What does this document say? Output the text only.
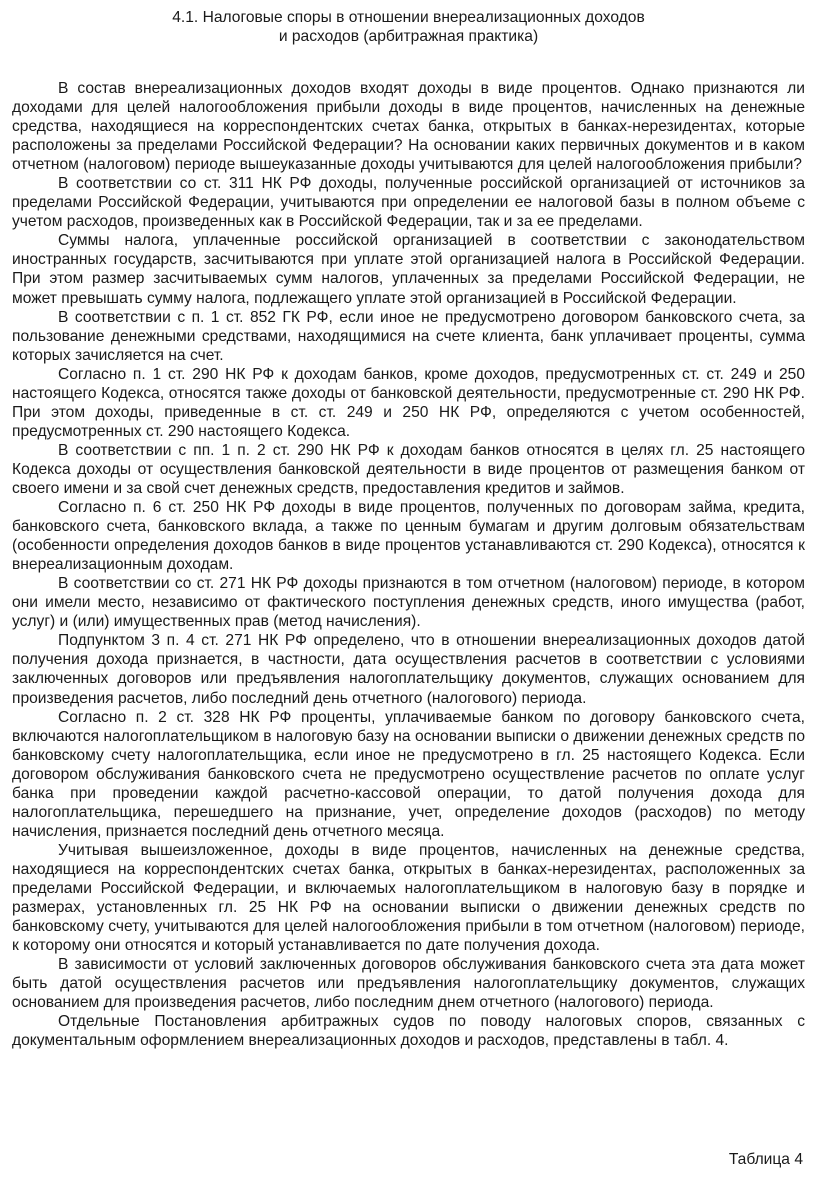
4.1. Налоговые споры в отношении внереализационных доходов
и расходов (арбитражная практика)

В состав внереализационных доходов входят доходы в виде процентов. Однако признаются ли доходами для целей налогообложения прибыли доходы в виде процентов, начисленных на денежные средства, находящиеся на корреспондентских счетах банка, открытых в банках-нерезидентах, которые расположены за пределами Российской Федерации? На основании каких первичных документов и в каком отчетном (налоговом) периоде вышеуказанные доходы учитываются для целей налогообложения прибыли?

В соответствии со ст. 311 НК РФ доходы, полученные российской организацией от источников за пределами Российской Федерации, учитываются при определении ее налоговой базы в полном объеме с учетом расходов, произведенных как в Российской Федерации, так и за ее пределами.

Суммы налога, уплаченные российской организацией в соответствии с законодательством иностранных государств, засчитываются при уплате этой организацией налога в Российской Федерации. При этом размер засчитываемых сумм налогов, уплаченных за пределами Российской Федерации, не может превышать сумму налога, подлежащего уплате этой организацией в Российской Федерации.

В соответствии с п. 1 ст. 852 ГК РФ, если иное не предусмотрено договором банковского счета, за пользование денежными средствами, находящимися на счете клиента, банк уплачивает проценты, сумма которых зачисляется на счет.

Согласно п. 1 ст. 290 НК РФ к доходам банков, кроме доходов, предусмотренных ст. ст. 249 и 250 настоящего Кодекса, относятся также доходы от банковской деятельности, предусмотренные ст. 290 НК РФ. При этом доходы, приведенные в ст. ст. 249 и 250 НК РФ, определяются с учетом особенностей, предусмотренных ст. 290 настоящего Кодекса.

В соответствии с пп. 1 п. 2 ст. 290 НК РФ к доходам банков относятся в целях гл. 25 настоящего Кодекса доходы от осуществления банковской деятельности в виде процентов от размещения банком от своего имени и за свой счет денежных средств, предоставления кредитов и займов.

Согласно п. 6 ст. 250 НК РФ доходы в виде процентов, полученных по договорам займа, кредита, банковского счета, банковского вклада, а также по ценным бумагам и другим долговым обязательствам (особенности определения доходов банков в виде процентов устанавливаются ст. 290 Кодекса), относятся к внереализационным доходам.

В соответствии со ст. 271 НК РФ доходы признаются в том отчетном (налоговом) периоде, в котором они имели место, независимо от фактического поступления денежных средств, иного имущества (работ, услуг) и (или) имущественных прав (метод начисления).

Подпунктом 3 п. 4 ст. 271 НК РФ определено, что в отношении внереализационных доходов датой получения дохода признается, в частности, дата осуществления расчетов в соответствии с условиями заключенных договоров или предъявления налогоплательщику документов, служащих основанием для произведения расчетов, либо последний день отчетного (налогового) периода.

Согласно п. 2 ст. 328 НК РФ проценты, уплачиваемые банком по договору банковского счета, включаются налогоплательщиком в налоговую базу на основании выписки о движении денежных средств по банковскому счету налогоплательщика, если иное не предусмотрено в гл. 25 настоящего Кодекса. Если договором обслуживания банковского счета не предусмотрено осуществление расчетов по оплате услуг банка при проведении каждой расчетно-кассовой операции, то датой получения дохода для налогоплательщика, перешедшего на признание, учет, определение доходов (расходов) по методу начисления, признается последний день отчетного месяца.

Учитывая вышеизложенное, доходы в виде процентов, начисленных на денежные средства, находящиеся на корреспондентских счетах банка, открытых в банках-нерезидентах, расположенных за пределами Российской Федерации, и включаемых налогоплательщиком в налоговую базу в порядке и размерах, установленных гл. 25 НК РФ на основании выписки о движении денежных средств по банковскому счету, учитываются для целей налогообложения прибыли в том отчетном (налоговом) периоде, к которому они относятся и который устанавливается по дате получения дохода.

В зависимости от условий заключенных договоров обслуживания банковского счета эта дата может быть датой осуществления расчетов или предъявления налогоплательщику документов, служащих основанием для произведения расчетов, либо последним днем отчетного (налогового) периода.

Отдельные Постановления арбитражных судов по поводу налоговых споров, связанных с документальным оформлением внереализационных доходов и расходов, представлены в табл. 4.

Таблица 4
